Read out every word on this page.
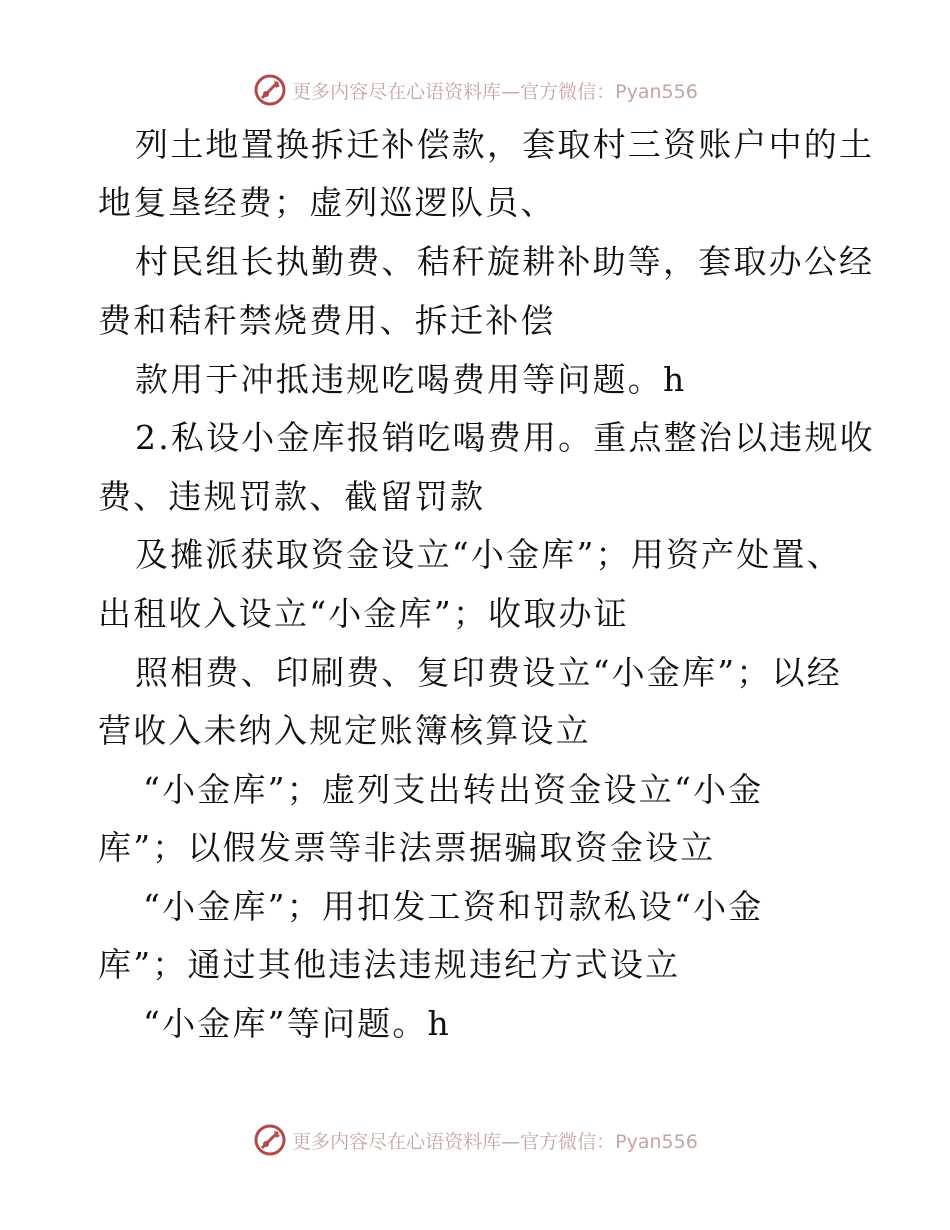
更多内容尽在心语资料库—官方微信：Pyan556
列土地置换拆迁补偿款，套取村三资账户中的土
地复垦经费；虚列巡逻队员、
村民组长执勤费、秸秆旋耕补助等，套取办公经
费和秸秆禁烧费用、拆迁补偿
款用于冲抵违规吃喝费用等问题。h
2.私设小金库报销吃喝费用。重点整治以违规收
费、违规罚款、截留罚款
及摊派获取资金设立“小金库”；用资产处置、
出租收入设立“小金库”；收取办证
照相费、印刷费、复印费设立“小金库”；以经
营收入未纳入规定账簿核算设立
“小金库”；虚列支出转出资金设立“小金
库”；以假发票等非法票据骗取资金设立
“小金库”；用扣发工资和罚款私设“小金
库”；通过其他违法违规违纪方式设立
“小金库”等问题。h
更多内容尽在心语资料库—官方微信：Pyan556
